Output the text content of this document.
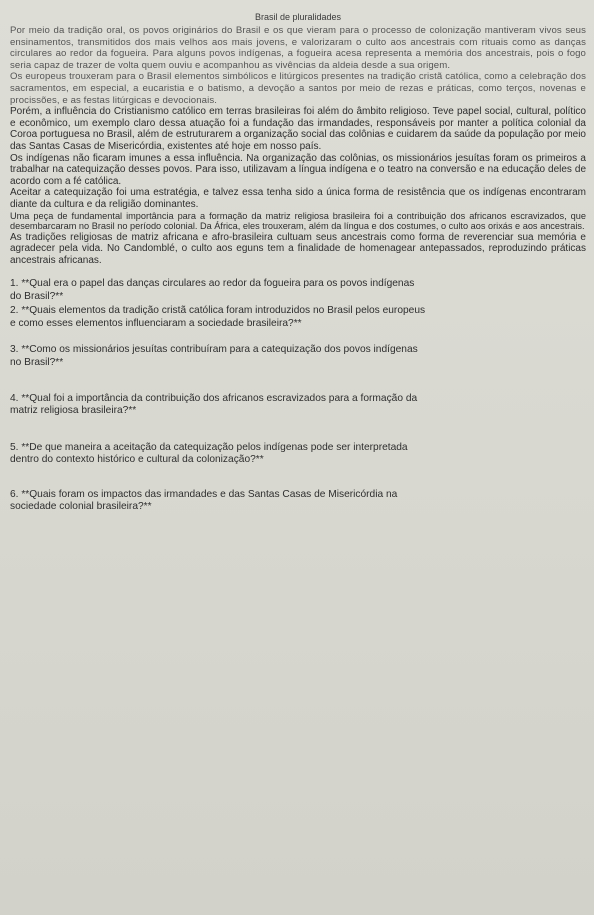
Brasil de pluralidades

Por meio da tradição oral, os povos originários do Brasil e os que vieram para o processo de colonização mantiveram vivos seus ensinamentos, transmitidos dos mais velhos aos mais jovens, e valorizaram o culto aos ancestrais com rituais como as danças circulares ao redor da fogueira. Para alguns povos indígenas, a fogueira acesa representa a memória dos ancestrais, pois o fogo seria capaz de trazer de volta quem ouviu e acompanhou as vivências da aldeia desde a sua origem.

Os europeus trouxeram para o Brasil elementos simbólicos e litúrgicos presentes na tradição cristã católica, como a celebração dos sacramentos, em especial, a eucaristia e o batismo, a devoção a santos por meio de rezas e práticas, como terços, novenas e procissões, e as festas litúrgicas e devocionais.

Porém, a influência do Cristianismo católico em terras brasileiras foi além do âmbito religioso. Teve papel social, cultural, político e econômico, um exemplo claro dessa atuação foi a fundação das irmandades, responsáveis por manter a política colonial da Coroa portuguesa no Brasil, além de estruturarem a organização social das colônias e cuidarem da saúde da população por meio das Santas Casas de Misericórdia, existentes até hoje em nosso país.

Os indígenas não ficaram imunes a essa influência. Na organização das colônias, os missionários jesuítas foram os primeiros a trabalhar na catequização desses povos. Para isso, utilizavam a língua indígena e o teatro na conversão e na educação deles de acordo com a fé católica.

Aceitar a catequização foi uma estratégia, e talvez essa tenha sido a única forma de resistência que os indígenas encontraram diante da cultura e da religião dominantes.

Uma peça de fundamental importância para a formação da matriz religiosa brasileira foi a contribuição dos africanos escravizados, que desembarcaram no Brasil no período colonial. Da África, eles trouxeram, além da língua e dos costumes, o culto aos orixás e aos ancestrais.

As tradições religiosas de matriz africana e afro-brasileira cultuam seus ancestrais como forma de reverenciar sua memória e agradecer pela vida. No Candomblé, o culto aos eguns tem a finalidade de homenagear antepassados, reproduzindo práticas ancestrais africanas.

1. **Qual era o papel das danças circulares ao redor da fogueira para os povos indígenas
do Brasil?**
2. **Quais elementos da tradição cristã católica foram introduzidos no Brasil pelos europeus
e como esses elementos influenciaram a sociedade brasileira?**
3. **Como os missionários jesuítas contribuíram para a catequização dos povos indígenas
no Brasil?**
4. **Qual foi a importância da contribuição dos africanos escravizados para a formação da
matriz religiosa brasileira?**
5. **De que maneira a aceitação da catequização pelos indígenas pode ser interpretada
dentro do contexto histórico e cultural da colonização?**
6. **Quais foram os impactos das irmandades e das Santas Casas de Misericórdia na
sociedade colonial brasileira?**
